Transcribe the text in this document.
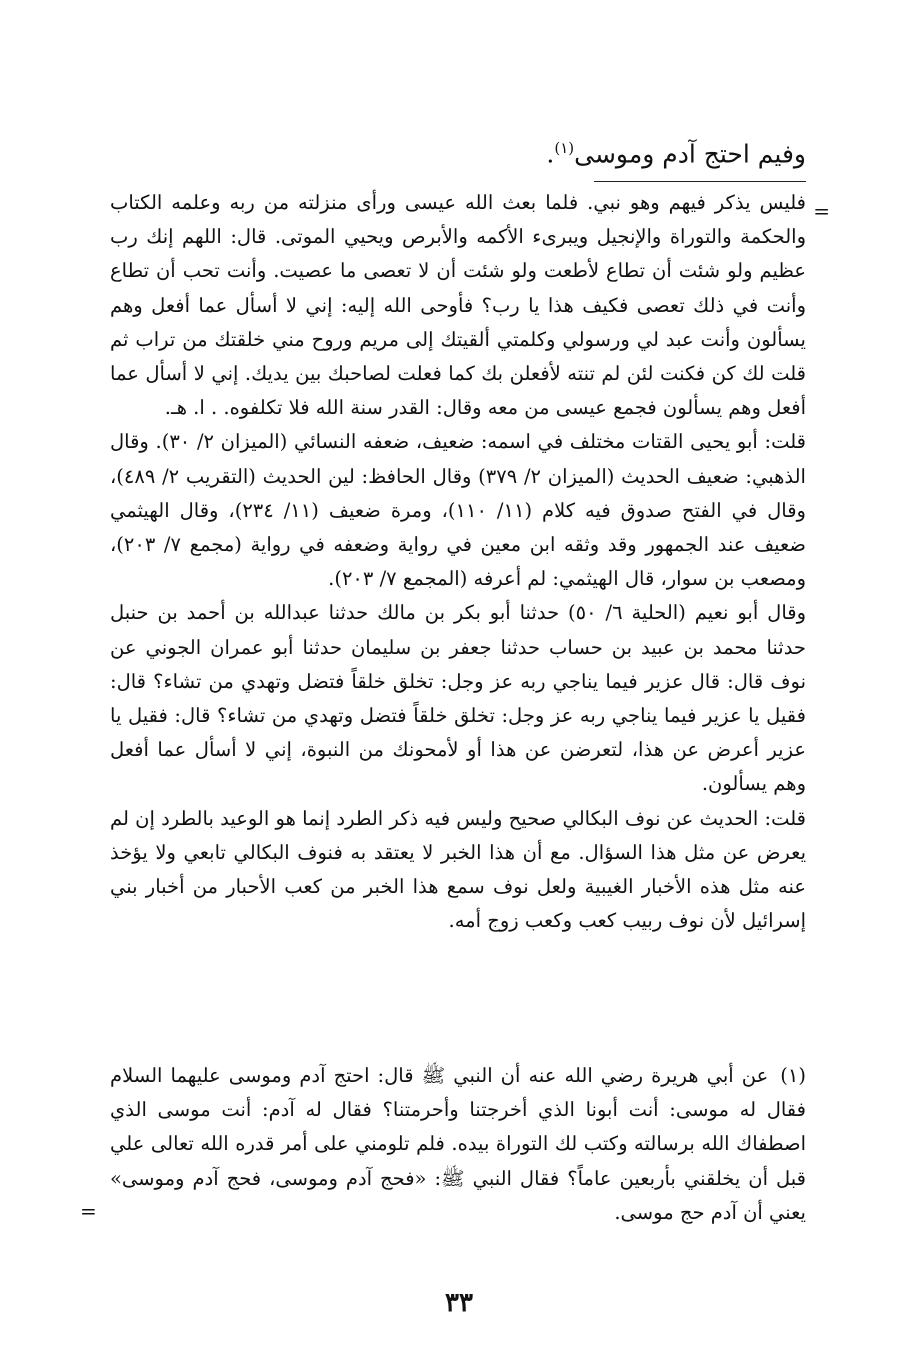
وفيم احتج آدم وموسى$^{(١)}$.
=

فليس يذكر فيهم وهو نبي. فلما بعث الله عيسى ورأى منزلته من ربه وعلمه الكتاب والحكمة والتوراة والإنجيل ويبرىء الأكمه والأبرص ويحيي الموتى. قال: اللهم إنك رب عظيم ولو شئت أن تطاع لأطعت ولو شئت أن لا تعصى ما عصيت. وأنت تحب أن تطاع وأنت في ذلك تعصى فكيف هذا يا رب؟ فأوحى الله إليه: إني لا أسأل عما أفعل وهم يسألون وأنت عبد لي ورسولي وكلمتي ألقيتك إلى مريم وروح مني خلقتك من تراب ثم قلت لك كن فكنت لئن لم تنته لأفعلن بك كما فعلت لصاحبك بين يديك. إني لا أسأل عما أفعل وهم يسألون فجمع عيسى من معه وقال: القدر سنة الله فلا تكلفوه. . ا. هـ.

قلت: أبو يحيى القتات مختلف في اسمه: ضعيف، ضعفه النسائي (الميزان ٢/ ٣٠). وقال الذهبي: ضعيف الحديث (الميزان ٢/ ٣٧٩) وقال الحافظ: لين الحديث (التقريب ٢/ ٤٨٩)، وقال في الفتح صدوق فيه كلام (١١/ ١١٠)، ومرة ضعيف (١١/ ٢٣٤)، وقال الهيثمي ضعيف عند الجمهور وقد وثقه ابن معين في رواية وضعفه في رواية (مجمع ٧/ ٢٠٣)، ومصعب بن سوار، قال الهيثمي: لم أعرفه (المجمع ٧/ ٢٠٣).

وقال أبو نعيم (الحلية ٦/ ٥٠) حدثنا أبو بكر بن مالك حدثنا عبدالله بن أحمد بن حنبل حدثنا محمد بن عبيد بن حساب حدثنا جعفر بن سليمان حدثنا أبو عمران الجوني عن نوف قال: قال عزير فيما يناجي ربه عز وجل: تخلق خلقاً فتضل وتهدي من تشاء؟ قال: فقيل يا عزير فيما يناجي ربه عز وجل: تخلق خلقاً فتضل وتهدي من تشاء؟ قال: فقيل يا عزير أعرض عن هذا، لتعرضن عن هذا أو لأمحونك من النبوة، إني لا أسأل عما أفعل وهم يسألون.

قلت: الحديث عن نوف البكالي صحيح وليس فيه ذكر الطرد إنما هو الوعيد بالطرد إن لم يعرض عن مثل هذا السؤال. مع أن هذا الخبر لا يعتقد به فنوف البكالي تابعي ولا يؤخذ عنه مثل هذه الأخبار الغيبية ولعل نوف سمع هذا الخبر من كعب الأحبار من أخبار بني إسرائيل لأن نوف ربيب كعب وكعب زوج أمه.

(١) عن أبي هريرة رضي الله عنه أن النبي ﷺ قال: احتج آدم وموسى عليهما السلام فقال له موسى: أنت أبونا الذي أخرجتنا وأحرمتنا؟ فقال له آدم: أنت موسى الذي اصطفاك الله برسالته وكتب لك التوراة بيده. فلم تلومني على أمر قدره الله تعالى علي قبل أن يخلقني بأربعين عاماً؟ فقال النبي ﷺ: «فحج آدم وموسى، فحج آدم وموسى» يعني أن آدم حج موسى.
=
٣٣
